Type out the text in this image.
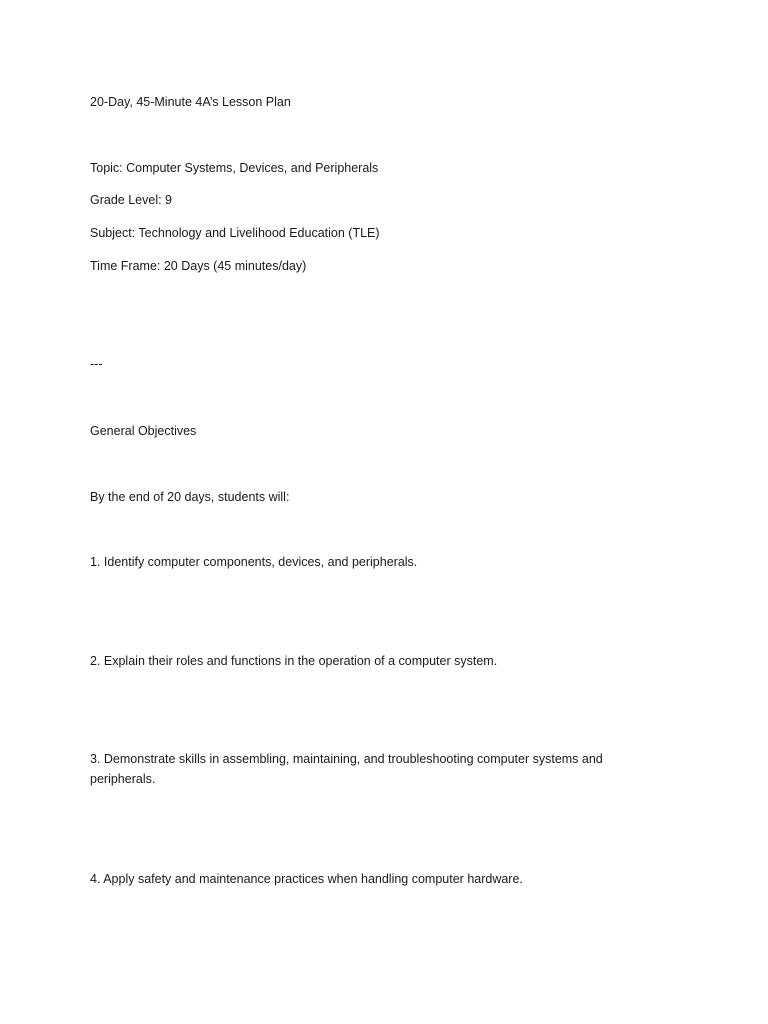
20-Day, 45-Minute 4A’s Lesson Plan
Topic: Computer Systems, Devices, and Peripherals
Grade Level: 9
Subject: Technology and Livelihood Education (TLE)
Time Frame: 20 Days (45 minutes/day)
---
General Objectives
By the end of 20 days, students will:
1. Identify computer components, devices, and peripherals.
2. Explain their roles and functions in the operation of a computer system.
3. Demonstrate skills in assembling, maintaining, and troubleshooting computer systems and peripherals.
4. Apply safety and maintenance practices when handling computer hardware.
